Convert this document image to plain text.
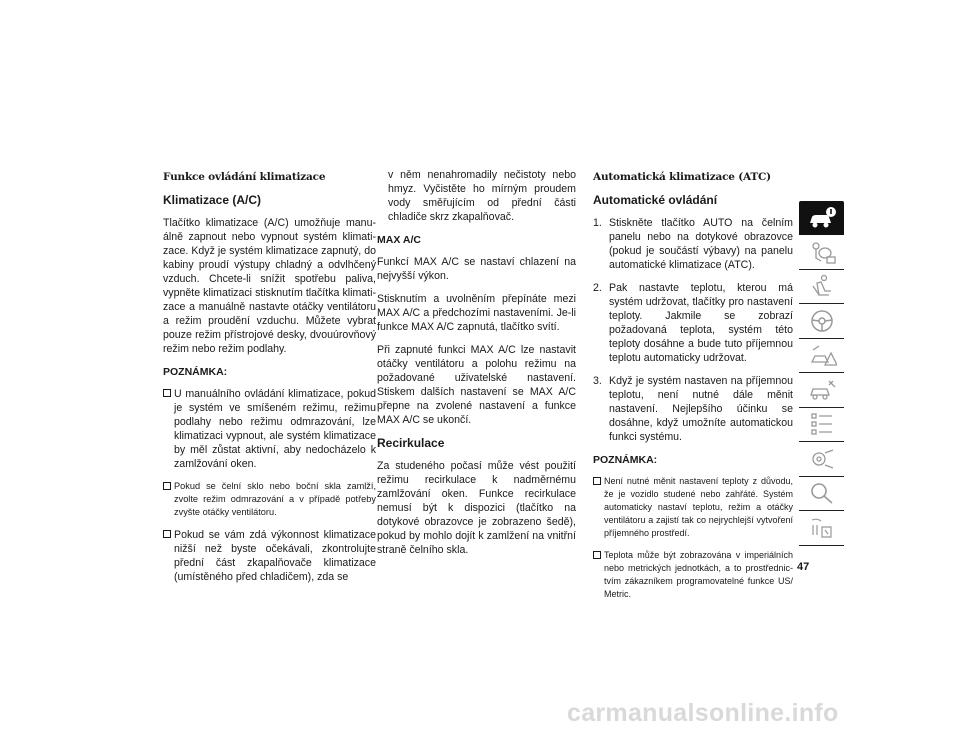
Funkce ovládání klimatizace
Klimatizace (A/C)

Tlačítko klimatizace (A/C) umožňuje manuálně zapnout nebo vypnout systém klimatizace. Když je systém klimatizace zapnutý, do kabiny proudí výstupy chladný a odvlhčený vzduch. Chcete-li snížit spotřebu paliva, vypněte klimatizaci stisknutím tlačítka klimatizace a manuálně nastavte otáčky ventilátoru a režim proudění vzduchu. Můžete vybrat pouze režim přístrojové desky, dvouúrovňový režim nebo režim podlahy.

POZNÁMKA:
U manuálního ovládání klimatizace, pokud je systém ve smíšeném režimu, režimu podlahy nebo režimu odmrazování, lze klimatizaci vypnout, ale systém klimatizace by měl zůstat aktivní, aby nedocházelo k zamlžování oken.
Pokud se čelní sklo nebo boční skla zamlží, zvolte režim odmrazování a v případě potřeby zvyšte otáčky ventilátoru.
Pokud se vám zdá výkonnost klimatizace nižší než byste očekávali, zkontrolujte přední část zkapalňovače klimatizace (umístěného před chladičem), zda se

v něm nenahromadily nečistoty nebo hmyz. Vyčistěte ho mírným proudem vody směřujícím od přední části chladiče skrz zkapalňovač.

MAX A/C

Funkcí MAX A/C se nastaví chlazení na nejvyšší výkon.

Stisknutím a uvolněním přepínáte mezi MAX A/C a předchozími nastaveními. Je-li funkce MAX A/C zapnutá, tlačítko svítí.

Při zapnuté funkci MAX A/C lze nastavit otáčky ventilátoru a polohu režimu na požadované uživatelské nastavení. Stiskem dalších nastavení se MAX A/C přepne na zvolené nastavení a funkce MAX A/C se ukončí.

Recirkulace

Za studeného počasí může vést použití režimu recirkulace k nadměrnému zamlžování oken. Funkce recirkulace nemusí být k dispozici (tlačítko na dotykové obrazovce je zobrazeno šedě), pokud by mohlo dojít k zamlžení na vnitřní straně čelního skla.

Automatická klimatizace (ATC)
Automatické ovládání
1. Stiskněte tlačítko AUTO na čelním panelu nebo na dotykové obrazovce (pokud je součástí výbavy) na panelu automatické klimatizace (ATC).
2. Pak nastavte teplotu, kterou má systém udržovat, tlačítky pro nastavení teploty. Jakmile se zobrazí požadovaná teplota, systém této teploty dosáhne a bude tuto příjemnou teplotu automaticky udržovat.
3. Když je systém nastaven na příjemnou teplotu, není nutné dále měnit nastavení. Nejlepšího účinku se dosáhne, když umožníte automatickou funkci systému.
POZNÁMKA:
Není nutné měnit nastavení teploty z důvodu, že je vozidlo studené nebo zahřáté. Systém automaticky nastaví teplotu, režim a otáčky ventilátoru a zajistí tak co nejrychlejší vytvoření příjemného prostředí.
Teplota může být zobrazována v imperiálních nebo metrických jednotkách, a to prostřednictvím zákazníkem programovatelné funkce US/ Metric.
47
carmanualsonline.info
